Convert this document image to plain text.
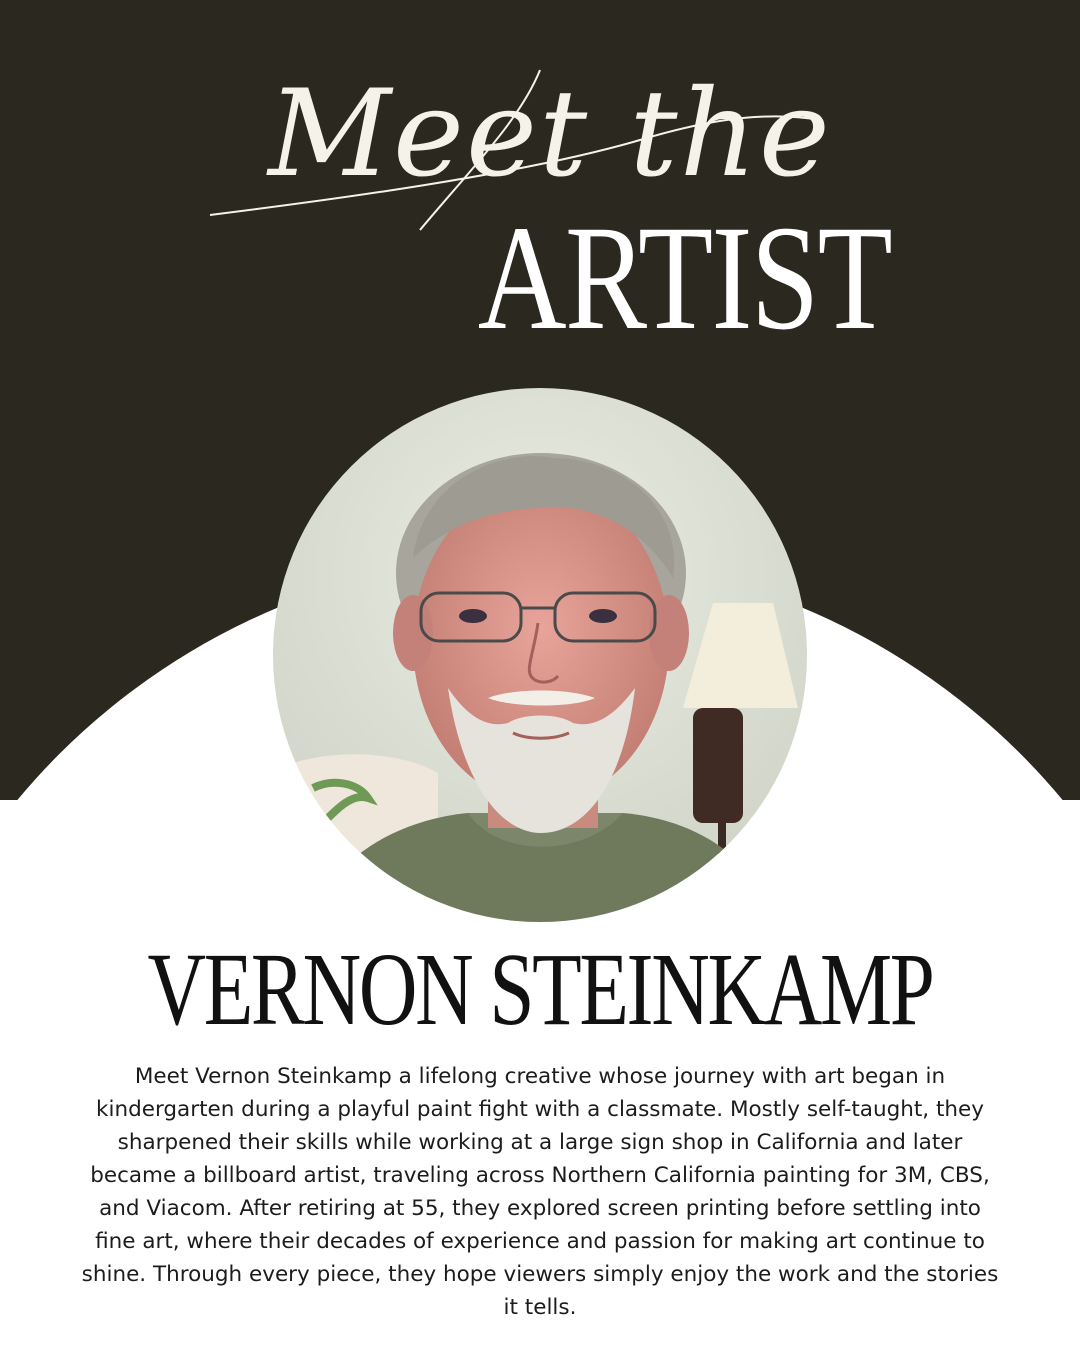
Meet the
ARTIST
VERNON STEINKAMP
Meet Vernon Steinkamp a lifelong creative whose journey with art began in kindergarten during a playful paint fight with a classmate. Mostly self-taught, they sharpened their skills while working at a large sign shop in California and later became a billboard artist, traveling across Northern California painting for 3M, CBS, and Viacom. After retiring at 55, they explored screen printing before settling into fine art, where their decades of experience and passion for making art continue to shine. Through every piece, they hope viewers simply enjoy the work and the stories it tells.
